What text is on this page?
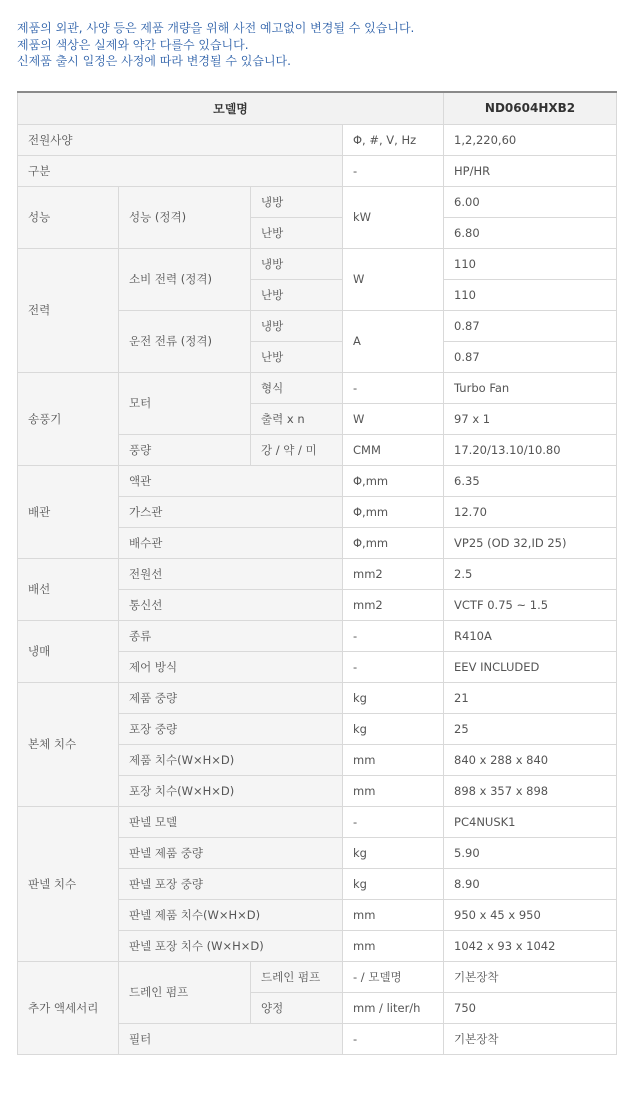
제품의 외관, 사양 등은 제품 개량을 위해 사전 예고없이 변경될 수 있습니다.
제품의 색상은 실제와 약간 다를수 있습니다.
신제품 출시 일정은 사정에 따라 변경될 수 있습니다.
모델명				ND0604HXB2
전원사양			Φ, #, V, Hz	1,2,220,60
구분			-	HP/HR
성능	성능 (정격)	냉방	kW	6.00
		난방		6.80
전력	소비 전력 (정격)	냉방	W	110
		난방		110
	운전 전류 (정격)	냉방	A	0.87
		난방		0.87
송풍기	모터	형식	-	Turbo Fan
		출력 x n	W	97 x 1
	풍량	강 / 약 / 미	CMM	17.20/13.10/10.80
배관	액관		Φ,mm	6.35
	가스관		Φ,mm	12.70
	배수관		Φ,mm	VP25 (OD 32,ID 25)
배선	전원선		mm2	2.5
	통신선		mm2	VCTF 0.75 ~ 1.5
냉매	종류		-	R410A
	제어 방식		-	EEV INCLUDED
본체 치수	제품 중량		kg	21
	포장 중량		kg	25
	제품 치수(W×H×D)		mm	840 x 288 x 840
	포장 치수(W×H×D)		mm	898 x 357 x 898
판넬 치수	판넬 모델		-	PC4NUSK1
	판넬 제품 중량		kg	5.90
	판넬 포장 중량		kg	8.90
	판넬 제품 치수(W×H×D)		mm	950 x 45 x 950
	판넬 포장 치수 (W×H×D)		mm	1042 x 93 x 1042
추가 액세서리	드레인 펌프	드레인 펌프	- / 모델명	기본장착
		양정	mm / liter/h	750
	필터		-	기본장착
